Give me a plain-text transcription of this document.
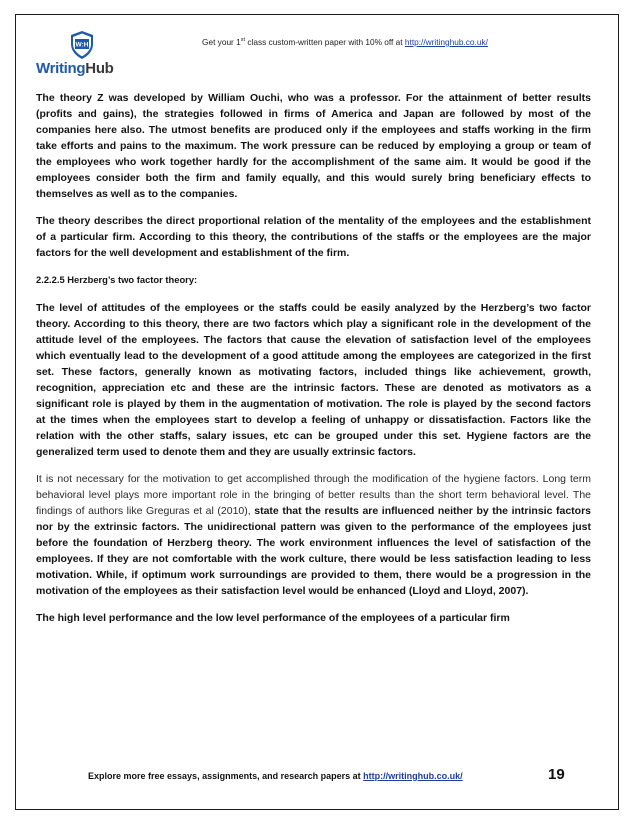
W:H
WritingHub
Get your 1st class custom-written paper with 10% off at http://writinghub.co.uk/

The theory Z was developed by William Ouchi, who was a professor. For the attainment of better results (profits and gains), the strategies followed in firms of America and Japan are followed by most of the companies here also. The utmost benefits are produced only if the employees and staffs working in the firm take efforts and pains to the maximum. The work pressure can be reduced by employing a group or team of the employees who work together hardly for the accomplishment of the same aim. It would be good if the employees consider both the firm and family equally, and this would surely bring beneficiary effects to themselves as well as to the companies.

The theory describes the direct proportional relation of the mentality of the employees and the establishment of a particular firm. According to this theory, the contributions of the staffs or the employees are the major factors for the well development and establishment of the firm.

2.2.2.5 Herzberg’s two factor theory:

The level of attitudes of the employees or the staffs could be easily analyzed by the Herzberg’s two factor theory. According to this theory, there are two factors which play a significant role in the development of the attitude level of the employees. The factors that cause the elevation of satisfaction level of the employees which eventually lead to the development of a good attitude among the employees are categorized in the first set. These factors, generally known as motivating factors, included things like achievement, growth, recognition, appreciation etc and these are the intrinsic factors. These are denoted as motivators as a significant role is played by them in the augmentation of motivation. The role is played by the second factors at the times when the employees start to develop a feeling of unhappy or dissatisfaction. Factors like the relation with the other staffs, salary issues, etc can be grouped under this set. Hygiene factors are the generalized term used to denote them and they are usually extrinsic factors.

It is not necessary for the motivation to get accomplished through the modification of the hygiene factors. Long term behavioral level plays more important role in the bringing of better results than the short term behavioral level. The findings of authors like Greguras et al (2010), state that the results are influenced neither by the intrinsic factors nor by the extrinsic factors. The unidirectional pattern was given to the performance of the employees just before the foundation of Herzberg theory. The work environment influences the level of satisfaction of the employees. If they are not comfortable with the work culture, there would be less satisfaction leading to less motivation. While, if optimum work surroundings are provided to them, there would be a progression in the motivation of the employees as their satisfaction level would be enhanced (Lloyd and Lloyd, 2007).

The high level performance and the low level performance of the employees of a particular firm

Explore more free essays, assignments, and research papers at http://writinghub.co.uk/	19
